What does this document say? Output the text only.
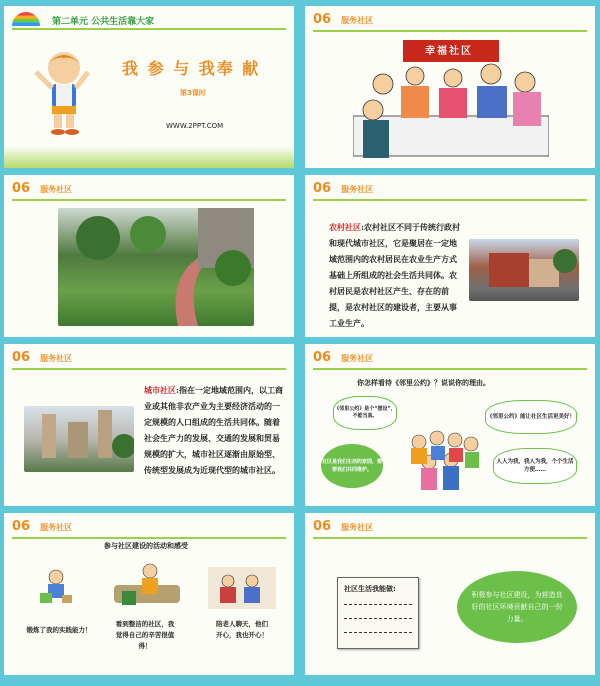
第二单元 公共生活靠大家
我 参 与 我奉 献
第3课时
WWW.2PPT.COM
06 服务社区
幸福社区
06 服务社区	06 服务社区
农村社区:农村社区不同于传统行政村和现代城市社区，它是聚居在一定地域范围内的农村居民在农业生产方式基础上所组成的社会生活共同体。农村居民是农村社区产生、存在的前提，是农村社区的建设者，主要从事工业生产。
06 服务社区
城市社区:指在一定地域范围内，以工商业或其他非农产业为主要经济活动的一定规模的人口组成的生活共同体。随着社会生产力的发展、交通的发展和贸易规模的扩大，城市社区逐渐由原始型、传统型发展成为近现代型的城市社区。
06 服务社区
你怎样看待《邻里公约》？说说你的理由。
《邻里公约》是个“摆设”，不能当真。	《邻里公约》能让社区生活更美好！
社区是我们生活的家园，需要我们共同维护。
人人为我，我人为我，个个生活方便……
06 服务社区
参与社区建设的活动和感受
锻炼了我的实践能力！
看到整洁的社区，我觉得自己的辛苦很值得！
陪老人聊天，他们开心，我也开心！
06 服务社区
社区生活我能做:
积极参与社区建设，为营造良好的社区环境贡献自己的一份力量。
